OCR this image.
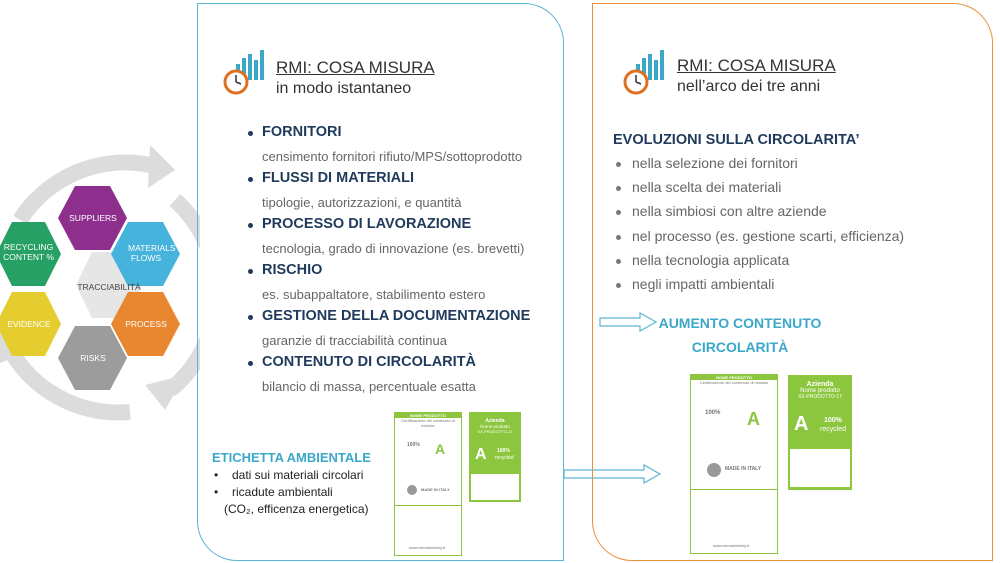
SUPPLIERS
MATERIALS FLOWS
PROCESS
RISKS
EVIDENCE
RECYCLING CONTENT %
TRACCIABILITÀ
RMI: COSA MISURA
in modo istantaneo
FORNITORI
censimento fornitori rifiuto/MPS/sottoprodotto
FLUSSI DI MATERIALI
tipologie, autorizzazioni, e quantità
PROCESSO DI LAVORAZIONE
tecnologia, grado di innovazione (es. brevetti)
RISCHIO
es. subappaltatore, stabilimento estero
GESTIONE DELLA DOCUMENTAZIONE
garanzie di tracciabilità continua
CONTENUTO DI CIRCOLARITÀ
bilancio di massa, percentuale esatta
ETICHETTA AMBIENTALE
• dati sui materiali circolari
• ricadute ambientali
(CO₂, efficenza energetica)
NOME PRODOTTO
Certificazione del contenuto di riciclato
A
100%
MADE IN ITALY
www.remadeinitaly.it
Azienda
Nome prodotto
XX-PRODOTTO-17
A 100%
recycled
RMI: COSA MISURA
nell’arco dei tre anni
EVOLUZIONI SULLA CIRCOLARITA’
nella selezione dei fornitori
nella scelta dei materiali
nella simbiosi con altre aziende
nel processo (es. gestione scarti, efficienza)
nella tecnologia applicata
negli impatti ambientali
AUMENTO CONTENUTO
CIRCOLARITÀ
NOME PRODOTTO
Certificazione del contenuto di riciclato
A
100%
MADE IN ITALY
www.remadeinitaly.it
Azienda
Nome prodotto
XX-PRODOTTO-17
A 100%
recycled
